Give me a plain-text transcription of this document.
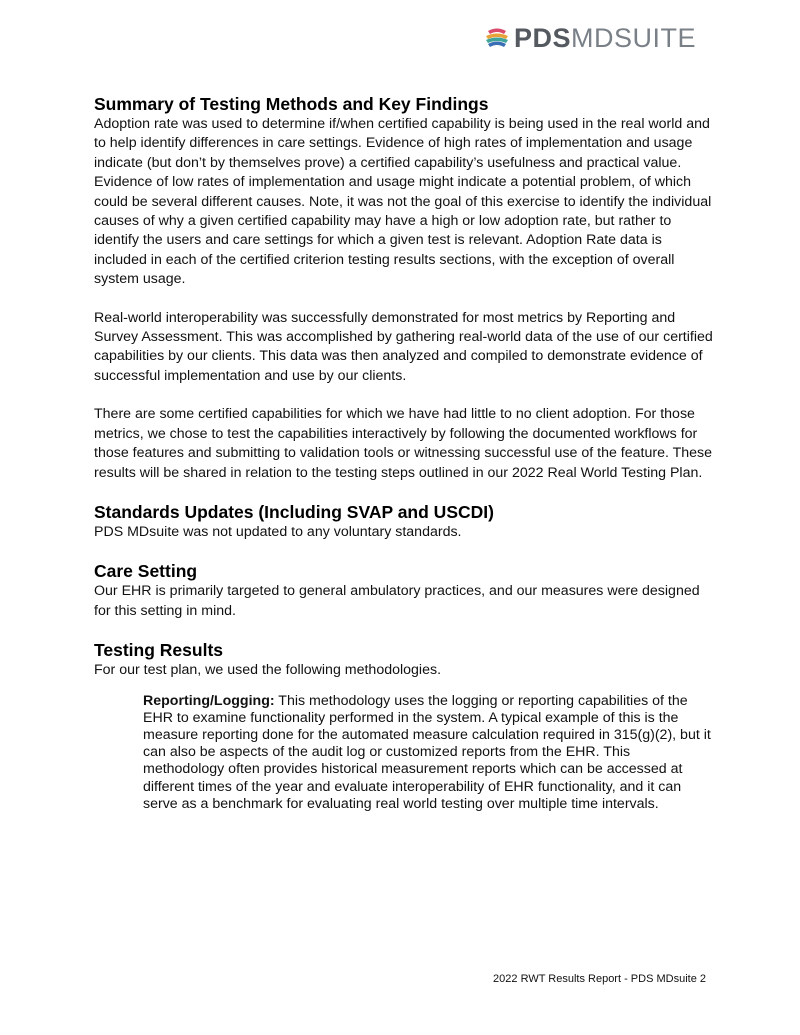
PDSMDSUITE
Summary of Testing Methods and Key Findings

Adoption rate was used to determine if/when certified capability is being used in the real world and to help identify differences in care settings. Evidence of high rates of implementation and usage indicate (but don’t by themselves prove) a certified capability’s usefulness and practical value. Evidence of low rates of implementation and usage might indicate a potential problem, of which could be several different causes. Note, it was not the goal of this exercise to identify the individual causes of why a given certified capability may have a high or low adoption rate, but rather to identify the users and care settings for which a given test is relevant. Adoption Rate data is included in each of the certified criterion testing results sections, with the exception of overall system usage.

Real-world interoperability was successfully demonstrated for most metrics by Reporting and Survey Assessment. This was accomplished by gathering real-world data of the use of our certified capabilities by our clients. This data was then analyzed and compiled to demonstrate evidence of successful implementation and use by our clients.

There are some certified capabilities for which we have had little to no client adoption. For those metrics, we chose to test the capabilities interactively by following the documented workflows for those features and submitting to validation tools or witnessing successful use of the feature. These results will be shared in relation to the testing steps outlined in our 2022 Real World Testing Plan.

Standards Updates (Including SVAP and USCDI)

PDS MDsuite was not updated to any voluntary standards.

Care Setting

Our EHR is primarily targeted to general ambulatory practices, and our measures were designed for this setting in mind.

Testing Results

For our test plan, we used the following methodologies.

Reporting/Logging: This methodology uses the logging or reporting capabilities of the EHR to examine functionality performed in the system. A typical example of this is the measure reporting done for the automated measure calculation required in 315(g)(2), but it can also be aspects of the audit log or customized reports from the EHR. This methodology often provides historical measurement reports which can be accessed at different times of the year and evaluate interoperability of EHR functionality, and it can serve as a benchmark for evaluating real world testing over multiple time intervals.
2022 RWT Results Report - PDS MDsuite 2
